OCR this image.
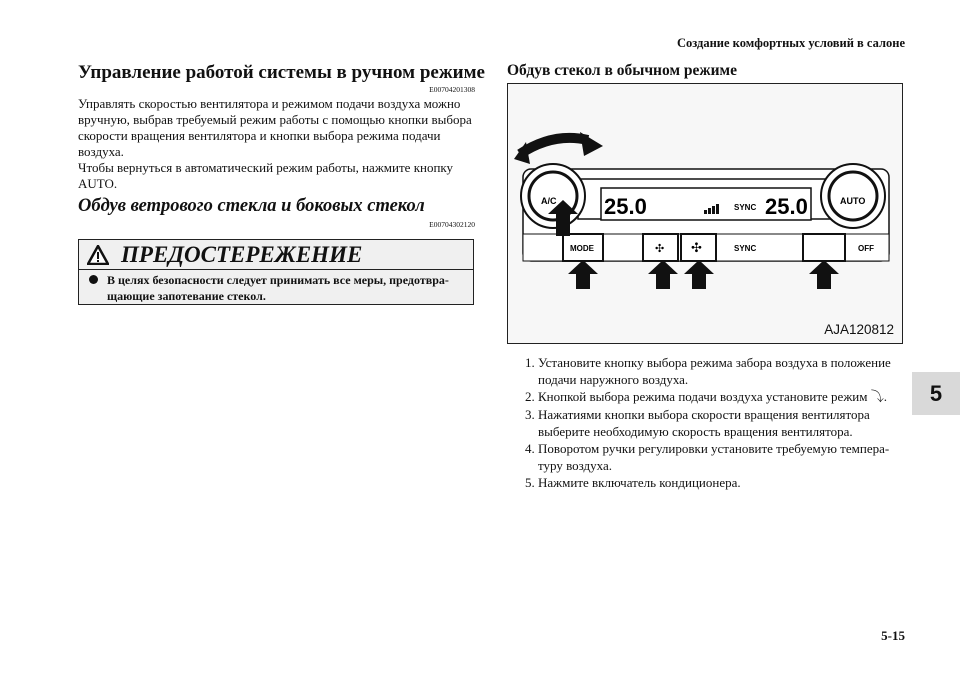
Создание комфортных условий в салоне
Управление работой системы в ручном режиме
E00704201308
Управлять скоростью вентилятора и режимом подачи воздуха можно вручную, выбрав требуемый режим работы с помощью кнопки выбора скорости вращения вентилятора и кнопки выбора режима подачи воздуха.
Чтобы вернуться в автоматический режим работы, нажмите кнопку AUTO.
Обдув ветрового стекла и боковых стекол
E00704302120
ПРЕДОСТЕРЕЖЕНИЕ
В целях безопасности следует принимать все меры, предотвра-щающие запотевание стекол.
Обдув стекол в обычном режиме
25.0	SYNC 25.0
A/C	AUTO
MODE	SYNC	OFF
✣ ✣
AJA120812
1. Установите кнопку выбора режима забора воздуха в положение подачи наружного воздуха.
2. Кнопкой выбора режима подачи воздуха установите режим ⤵.
3. Нажатиями кнопки выбора скорости вращения вентилятора выберите необходимую скорость вращения вентилятора.
4. Поворотом ручки регулировки установите требуемую темпера-туру воздуха.
5. Нажмите включатель кондиционера.
5
5-15
